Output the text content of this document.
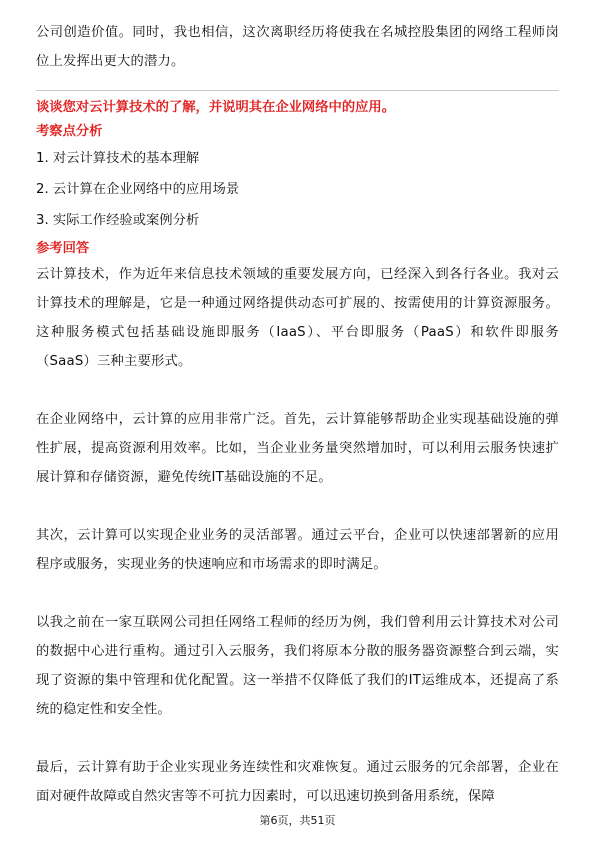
公司创造价值。同时，我也相信，这次离职经历将使我在名城控股集团的网络工程师岗位上发挥出更大的潜力。

谈谈您对云计算技术的了解，并说明其在企业网络中的应用。

考察点分析

1. 对云计算技术的基本理解

2. 云计算在企业网络中的应用场景

3. 实际工作经验或案例分析

参考回答

云计算技术，作为近年来信息技术领域的重要发展方向，已经深入到各行各业。我对云计算技术的理解是，它是一种通过网络提供动态可扩展的、按需使用的计算资源服务。这种服务模式包括基础设施即服务（IaaS）、平台即服务（PaaS）和软件即服务（SaaS）三种主要形式。

在企业网络中，云计算的应用非常广泛。首先，云计算能够帮助企业实现基础设施的弹性扩展，提高资源利用效率。比如，当企业业务量突然增加时，可以利用云服务快速扩展计算和存储资源，避免传统IT基础设施的不足。

其次，云计算可以实现企业业务的灵活部署。通过云平台，企业可以快速部署新的应用程序或服务，实现业务的快速响应和市场需求的即时满足。

以我之前在一家互联网公司担任网络工程师的经历为例，我们曾利用云计算技术对公司的数据中心进行重构。通过引入云服务，我们将原本分散的服务器资源整合到云端，实现了资源的集中管理和优化配置。这一举措不仅降低了我们的IT运维成本，还提高了系统的稳定性和安全性。

最后，云计算有助于企业实现业务连续性和灾难恢复。通过云服务的冗余部署，企业在面对硬件故障或自然灾害等不可抗力因素时，可以迅速切换到备用系统，保障

第6页，共51页
